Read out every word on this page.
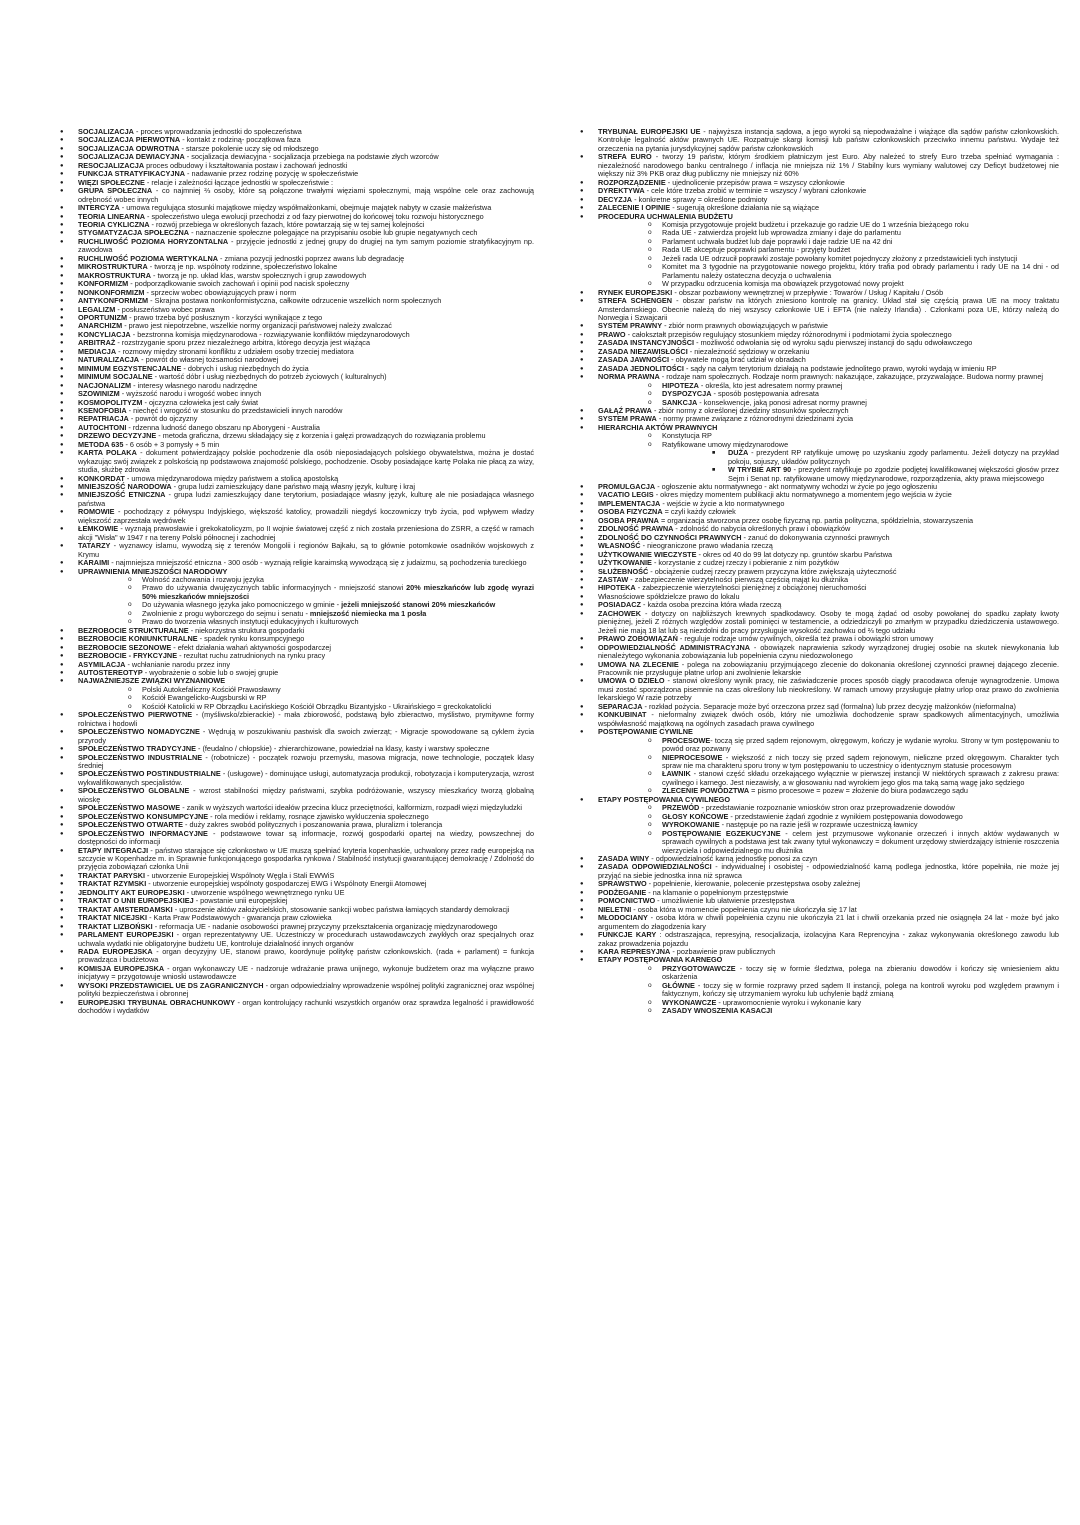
● SOCJALIZACJA - proces wprowadzania jednostki do społeczeństwa
● SOCJALIZACJA PIERWOTNA - kontakt z rodziną- początkowa faza
● SOCJALIZACJA ODWROTNA - starsze pokolenie uczy się od młodszego
● SOCJALIZACJA DEWIACYJNA - socjalizacja dewiacyjna - socjalizacja przebiega na podstawie złych wzorców
● RESOCJALIZACJA proces odbudowy i kształtowania postaw i zachowań jednostki
● FUNKCJA STRATYFIKACYJNA - nadawanie przez rodzinę pozycję w społeczeństwie
● WIĘZI SPOŁECZNE - relacje i zależności łączące jednostki w społeczeństwie :
● GRUPA SPOŁECZNA - co najmniej ⅔ osoby, które są połączone trwałymi więziami społecznymi, mają wspólne cele oraz zachowują odrębność wobec innych
● INTERCYZA - umowa regulująca stosunki majątkowe między współmałżonkami, obejmuje majątek nabyty w czasie małżeństwa
● TEORIA LINEARNA - społeczeństwo ulega ewolucji przechodzi z od fazy pierwotnej do końcowej toku rozwoju historycznego
● TEORIA CYKLICZNA - rozwój przebiega w określonych fazach, które powtarzają się w tej samej kolejności
● STYGMATYZACJA SPOŁECZNA - naznaczenie społeczne polegające na przypisaniu osobie lub grupie negatywnych cech
● RUCHLIWOŚĆ POZIOMA HORYZONTALNA - przyjęcie jednostki z jednej grupy do drugiej na tym samym poziomie stratyfikacyjnym np. zawodowa
● RUCHLIWOŚĆ POZIOMA WERTYKALNA - zmiana pozycji jednostki poprzez awans lub degradację
● MIKROSTRUKTURA - tworzą je np. wspólnoty rodzinne, społeczeństwo lokalne
● MAKROSTRUKTURA - tworzą je np. układ klas, warstw społecznych i grup zawodowych
● KONFORMIZM - podporządkowanie swoich zachowań i opinii pod nacisk społeczny
● NONKONFORMIZM - sprzeciw wobec obowiązujących praw i norm
● ANTYKONFORMIZM - Skrajna postawa nonkonformistyczna, całkowite odrzucenie wszelkich norm społecznych
● LEGALIZM - posłuszeństwo wobec prawa
● OPORTUNIZM - prawo trzeba być posłusznym - korzyści wynikające z tego
● ANARCHIZM - prawo jest niepotrzebne, wszelkie normy organizacji państwowej należy zwalczać
● KONCYLIACJA - bezstronna komisja międzynarodowa - rozwiązywanie konfliktów międzynarodowych
● ARBITRAŻ - rozstrzyganie sporu przez niezależnego arbitra, którego decyzja jest wiążąca
● MEDIACJA - rozmowy między stronami konfliktu z udziałem osoby trzeciej mediatora
● NATURALIZACJA - powrót do własnej tożsamości narodowej
● MINIMUM EGZYSTENCJALNE - dobrych i usług niezbędnych do życia
● MINIMUM SOCJALNE - wartość dóbr i usług niezbędnych do potrzeb życiowych ( kulturalnych)
● NACJONALIZM - interesy własnego narodu nadrzędne
● SZOWINIZM - wyższość narodu i wrogość wobec innych
● KOSMOPOLITYZM - ojczyzna człowieka jest cały świat
● KSENOFOBIA - niechęć i wrogość w stosunku do przedstawicieli innych narodów
● REPATRIACJA - powrót do ojczyzny
● AUTOCHTONI - rdzenna ludność danego obszaru np Aborygeni - Australia
● DRZEWO DECYZYJNE - metoda graficzna, drzewu składający się z korzenia i gałęzi prowadzących do rozwiązania problemu
● METODA 635 - 6 osób + 3 pomysły + 5 min
● KARTA POLAKA - dokument potwierdzający polskie pochodzenie dla osób nieposiadających polskiego obywatelstwa, można je dostać wykazując swój związek z polskością np podstawowa znajomość polskiego, pochodzenie. Osoby posiadające kartę Polaka nie płacą za wizy, studia, służbę zdrowia
● KONKORDAT - umowa międzynarodowa między państwem a stolicą apostolską
● MNIEJSZOŚĆ NARODOWA - grupa ludzi zamieszkujący dane państwo mają własny język, kulturę i kraj
● MNIEJSZOŚĆ ETNICZNA - grupa ludzi zamieszkujący dane terytorium, posiadające własny język, kulturę ale nie posiadająca własnego państwa
● ROMOWIE - pochodzący z półwyspu Indyjskiego, większość katolicy, prowadzili niegdyś koczowniczy tryb życia, pod wpływem władzy większość zaprzestała wędrówek
● ŁEMKOWIE - wyznają prawosławie i grekokatolicyzm, po II wojnie światowej część z nich została przeniesiona do ZSRR, a część w ramach akcji "Wisła" w 1947 r na tereny Polski północnej i zachodniej
● TATARZY - wyznawcy islamu, wywodzą się z terenów Mongolii i regionów Bajkału, są to głównie potomkowie osadników wojskowych z Krymu
● KARAIMI - najmniejsza mniejszość etniczna - 300 osób - wyznają religie karaimską wywodzącą się z judaizmu, są pochodzenia tureckiego
● UPRAWNIENIA MNIEJSZOŚCI NARODOWY
o Wolność zachowania i rozwoju języka
o Prawo do używania dwujęzycznych tablic informacyjnych - mniejszość stanowi 20% mieszkańców lub zgodę wyrazi 50% mieszkańców mniejszości
o Do używania własnego języka jako pomocniczego w gminie - jeżeli mniejszość stanowi 20% mieszkańców
o Zwolnienie z progu wyborczego do sejmu i senatu - mniejszość niemiecka ma 1 posła
o Prawo do tworzenia własnych instytucji edukacyjnych i kulturowych
● BEZROBOCIE STRUKTURALNE - niekorzystna struktura gospodarki
● BEZROBOCIE KONIUNKTURALNE - spadek rynku konsumpcyjnego
● BEZROBOCIE SEZONOWE - efekt działania wahań aktywności gospodarczej
● BEZROBOCIE - FRYKCYJNE - rezultat ruchu zatrudnionych na rynku pracy
● ASYMILACJA - wchłanianie narodu przez inny
● AUTOSTEREOTYP - wyobrażenie o sobie lub o swojej grupie
● NAJWAŻNIEJSZE ZWIĄZKI WYZNANIOWE
o Polski Autokefaliczny Kościół Prawosławny
o Kościół Ewangelicko-Augsburski w RP
o Kościół Katolicki w RP Obrządku Łacińskiego Kościół Obrządku Bizantyjsko - Ukraińskiego = greckokatolicki
● SPOŁECZEŃSTWO PIERWOTNE - (myśliwsko/zbierackie) - mała zbiorowość, podstawą było zbieractwo, myślistwo, prymitywne formy rolnictwa i hodowli
● SPOŁECZEŃSTWO NOMADYCZNE - Wędrują w poszukiwaniu pastwisk dla swoich zwierząt; - Migracje spowodowane są cyklem życia przyrody
● SPOŁECZEŃSTWO TRADYCYJNE - (feudalno / chłopskie) - zhierarchizowane, powiedział na klasy, kasty i warstwy społeczne
● SPOŁECZEŃSTWO INDUSTRIALNE - (robotnicze) - początek rozwoju przemysłu, masowa migracja, nowe technologie, początek klasy średniej
● SPOŁECZEŃSTWO POSTINDUSTRIALNE - (usługowe) - dominujące usługi, automatyzacja produkcji, robotyzacja i komputeryzacja, wzrost wykwalifikowanych specjalistów.
● SPOŁECZEŃSTWO GLOBALNE - wzrost stabilności między państwami, szybka podróżowanie, wszyscy mieszkańcy tworzą globalną wioskę
● SPOŁECZEŃSTWO MASOWE - zanik w wyższych wartości ideałów przecina klucz przeciętności, kalformizm, rozpadł więzi międzyludzki
● SPOŁECZEŃSTWO KONSUMPCYJNE - rola mediów i reklamy, rosnące zjawisko wykluczenia społecznego
● SPOŁECZEŃSTWO OTWARTE - duży zakres swobód politycznych i poszanowania prawa, pluralizm i tolerancja
● SPOŁECZEŃSTWO INFORMACYJNE - podstawowe towar są informacje, rozwój gospodarki opartej na wiedzy, powszechnej do dostępności do informacji
● ETAPY INTEGRACJI - państwo starające się członkostwo w UE muszą spełniać kryteria kopenhaskie, uchwalony przez radę europejską na szczycie w Kopenhadze m. in Sprawnie funkcjonującego gospodarka rynkowa / Stabilność instytucji gwarantującej demokrację / Zdolność do przyjęcia zobowiązań członka Unii
● TRAKTAT PARYSKI - utworzenie Europejskiej Wspólnoty Węgla i Stali EWWiS
● TRAKTAT RZYMSKI - utworzenie europejskiej wspólnoty gospodarczej EWG i Wspólnoty Energii Atomowej
● JEDNOLITY AKT EUROPEJSKI - utworzenie wspólnego wewnętrznego rynku UE
● TRAKTAT O UNII EUROPEJSKIEJ - powstanie unii europejskiej
● TRAKTAT AMSTERDAMSKI - uproszenie aktów założycielskich, stosowanie sankcji wobec państwa łamiących standardy demokracji
● TRAKTAT NICEJSKI - Karta Praw Podstawowych - gwarancja praw człowieka
● TRAKTAT LIZBOŃSKI - reformacja UE - nadanie osobowości prawnej przyczyny przekształcenia organizację międzynarodowego
● PARLAMENT EUROPEJSKI - organ reprezentatywny UE. Uczestniczy w procedurach ustawodawczych zwykłych oraz specjalnych oraz uchwala wydatki nie obligatoryjne budżetu UE, kontroluje działalność innych organów
● RADA EUROPEJSKA - organ decyzyjny UE, stanowi prawo, koordynuje politykę państw członkowskich. (rada + parlament) = funkcja prowadząca i budżetowa
● KOMISJA EUROPEJSKA - organ wykonawczy UE - nadzoruje wdrażanie prawa unijnego, wykonuje budżetem oraz ma wyłączne prawo inicjatywy = przygotowuje wnioski ustawodawcze
● WYSOKI PRZEDSTAWICIEL UE DS ZAGRANICZNYCH - organ odpowiedzialny wprowadzenie wspólnej polityki zagranicznej oraz wspólnej polityki bezpieczeństwa i obronnej
● EUROPEJSKI TRYBUNAŁ OBRACHUNKOWY - organ kontrolujący rachunki wszystkich organów oraz sprawdza legalność i prawidłowość dochodów i wydatków
● TRYBUNAŁ EUROPEJSKI UE - najwyższa instancja sądowa, a jego wyroki są niepodważalne i wiążące dla sądów państw członkowskich. Kontroluje legalność aktów prawnych UE. Rozpatruje skargi komisji lub państw członkowskich przeciwko innemu państwu. Wydaje też orzeczenia na pytania jurysdykcyjnej sądów państw członkowskich
● STREFA EURO - tworzy 19 państw, którym środkiem płatniczym jest Euro. Aby należeć to strefy Euro trzeba spełniać wymagania : niezależność narodowego banku centralnego / inflacja nie mniejsza niż 1% / Stabilny kurs wymiany walutowej czy Deficyt budżetowej nie większy niż 3% PKB oraz dług publiczny nie mniejszy niż 60%
● ROZPORZĄDZENIE - ujednolicenie przepisów prawa = wszyscy członkowie
● DYREKTYWA - cele które trzeba zrobić w terminie = wszyscy / wybrani członkowie
● DECYZJA - konkretne sprawy = określone podmioty
● ZALECENIE I OPINIE - sugerują określone działania nie są wiążące
● PROCEDURA UCHWALENIA BUDŻETU
o Komisja przygotowuje projekt budżetu i przekazuje go radzie UE do 1 września bieżącego roku
o Rada UE - zatwierdza projekt lub wprowadza zmiany i daje do parlamentu
o Parlament uchwała budżet lub daje poprawki i daje radzie UE na 42 dni
o Rada UE akceptuje poprawki parlamentu - przyjęty budżet
o Jeżeli rada UE odrzucił poprawki zostaje powołany komitet pojednyczy złożony z przedstawicieli tych instytucji
o Komitet ma 3 tygodnie na przygotowanie nowego projektu, który trafia pod obrady parlamentu i rady UE na 14 dni - od Parlamentu należy ostateczna decyzja o uchwalenia
o W przypadku odrzucenia komisja ma obowiązek przygotować nowy projekt
● RYNEK EUROPEJSKI - obszar pozbawiony wewnętrznej w przepływie : Towarów / Usług / Kapitału / Osób
● STREFA SCHENGEN - obszar państw na których zniesiono kontrolę na granicy. Układ stał się częścią prawa UE na mocy traktatu Amsterdamskiego. Obecnie należą do niej wszyscy członkowie UE i EFTA (nie należy Irlandia) . Członkami poza UE, którzy należą do Norwegia i Szwajcarii
● SYSTEM PRAWNY - zbiór norm prawnych obowiązujących w państwie
● PRAWO - całokształt przepisów regulujący stosunkiem między różnorodnymi i podmiotami życia społecznego
● ZASADA INSTANCYJNOŚCI - możliwość odwołania się od wyroku sądu pierwszej instancji do sądu odwoławczego
● ZASADA NIEZAWISŁOŚCI - niezależność sędziowy w orzekaniu
● ZASADA JAWNOŚCI - obywatele mogą brać udział w obradach
● ZASADA JEDNOLITOŚCI - sądy na całym terytorium działają na podstawie jednolitego prawo, wyroki wydają w imieniu RP
● NORMA PRAWNA - rodzaje nam społecznych. Rodzaje norm prawnych: nakazujące, zakazujące, przyzwalające. Budowa normy prawnej
o HIPOTEZA - określa, kto jest adresatem normy prawnej
o DYSPOZYCJA - sposób postępowania adresata
o SANKCJA - konsekwencje, jaką ponosi adresat normy prawnej
● GAŁĄŹ PRAWA - zbiór normy z określonej dziedziny stosunków społecznych
● SYSTEM PRAWA - normy prawne związane z różnorodnymi dziedzinami życia
● HIERARCHIA AKTÓW PRAWNYCH
o Konstytucja RP
o Ratyfikowane umowy międzynarodowe
■ DUŻA - prezydent RP ratyfikuje umowę po uzyskaniu zgody parlamentu. Jeżeli dotyczy na przykład pokoju, sojuszy, układów politycznych
■ W TRYBIE ART 90 - prezydent ratyfikuje po zgodzie podjętej kwalifikowanej większości głosów przez Sejm i Senat np. ratyfikowane umowy międzynarodowe, rozporządzenia, akty prawa miejscowego
● PROMULGACJA - ogłoszenie aktu normatywnego - akt normatywny wchodzi w życie po jego ogłoszeniu
● VACATIO LEGIS - okres między momentem publikacji aktu normatywnego a momentem jego wejścia w życie
● IMPLEMENTACJA - wejście w życie a kto normatywnego
● OSOBA FIZYCZNA = czyli każdy człowiek
● OSOBA PRAWNA = organizacja stworzona przez osobę fizyczną np. partia polityczna, spółdzielnia, stowarzyszenia
● ZDOLNOŚĆ PRAWNA - zdolność do nabycia określonych praw i obowiązków
● ZDOLNOŚĆ DO CZYNNOŚCI PRAWNYCH - zanuć do dokonywania czynności prawnych
● WŁASNOŚĆ - nieograniczone prawo władania rzeczą
● UŻYTKOWANIE WIECZYSTE - okres od 40 do 99 lat dotyczy np. gruntów skarbu Państwa
● UŻYTKOWANIE - korzystanie z cudzej rzeczy i pobieranie z nim pożytków
● SŁUŻEBNOŚĆ - obciążenie cudzej rzeczy prawem przyczyna które zwiększają użyteczność
● ZASTAW - zabezpieczenie wierzytelności pierwszą częścią mająt ku dłużnika
● HIPOTEKA - zabezpieczenie wierzytelności pieniężnej z obciążonej nieruchomości
● Własnościowe spółdzielcze prawo do lokalu
● POSIADACZ - każda osoba prezcina która włada rzeczą
● ZACHOWEK - dotyczy on najbliższych krewnych spadkodawcy. Osoby te mogą żądać od osoby powołanej do spadku zapłaty kwoty pieniężnej, jeżeli Z różnych względów zostali pominięci w testamencie, a odziedziczyli po zmarłym w przypadku dziedziczenia ustawowego. Jeżeli nie mają 18 lat lub są niezdolni do pracy przysługuje wysokość zachowku od ⅔ tego udziału
● PRAWO ZOBOWIĄZAŃ - reguluje rodzaje umów cywilnych, określa też prawa i obowiązki stron umowy
● ODPOWIEDZIALNOŚĆ ADMINISTRACYJNA - obowiązek naprawienia szkody wyrządzonej drugiej osobie na skutek niewykonania lub nienależytego wykonania zobowiązania lub popełnienia czynu niedozwolonego
● UMOWA NA ZLECENIE - polega na zobowiązaniu przyjmującego zlecenie do dokonania określonej czynności prawnej dającego zlecenie. Pracownik nie przysługuje płatne urlop ani zwolnienie lekarskie
● UMOWA O DZIEŁO - stanowi określony wynik pracy, nie zaświadczenie proces sposób ciągły pracodawca oferuje wynagrodzenie. Umowa musi zostać sporządzona pisemnie na czas określony lub nieokreślony. W ramach umowy przysługuje płatny urlop oraz prawo do zwolnienia lekarskiego W razie potrzeby
● SEPARACJA - rozkład pożycia. Separacje może być orzeczona przez sąd (formalna) lub przez decyzję małżonków (nieformalna)
● KONKUBINAT - nieformalny związek dwóch osób, który nie umożliwia dochodzenie spraw spadkowych alimentacyjnych, umożliwia współwłasność majątkową na ogólnych zasadach prawa cywilnego
● POSTĘPOWANIE CYWILNE
o PROCESOWE- toczą się przed sądem rejonowym, okręgowym, kończy je wydanie wyroku. Strony w tym postępowaniu to powód oraz pozwany
o NIEPROCESOWE - większość z nich toczy się przed sądem rejonowym, nieliczne przed okręgowym. Charakter tych spraw nie ma charakteru sporu trony w tym postępowaniu to uczestnicy o identycznym statusie procesowym
o ŁAWNIK - stanowi część składu orzekającego wyłącznie w pierwszej instancji W niektórych sprawach z zakresu prawa: cywilnego i karnego. Jest niezawisły, a w głosowaniu nad wyrokiem jego głos ma taką samą wagę jako sędziego
o ZLECENIE POWÓDZTWA = pismo procesowe = pozew = złożenie do biura podawczego sądu
● ETAPY POSTĘPOWANIA CYWILNEGO
o PRZEWÓD - przedstawianie rozpoznanie wniosków stron oraz przeprowadzenie dowodów
o GŁOSY KOŃCOWE - przedstawienie żądań zgodnie z wynikiem postępowania dowodowego
o WYROKOWANIE - następuje po na razie jeśli w rozprawie uczestniczą ławnicy
o POSTĘPOWANIE EGZEKUCYJNE - celem jest przymusowe wykonanie orzeczeń i innych aktów wydawanych w sprawach cywilnych a podstawa jest tak zwany tytuł wykonawczy = dokument urzędowy stwierdzający istnienie roszczenia wierzyciela i odpowiedzialnego mu dłużnika
● ZASADA WINY - odpowiedzialność karną jednostkę ponosi za czyn
● ZASADA ODPOWIEDZIALNOŚCI - indywidualnej i osobistej - odpowiedzialność karną podlega jednostka, które popełniła, nie może jej przyjąć na siebie jednostka inna niż sprawca
● SPRAWSTWO - popełnienie, kierowanie, polecenie przestępstwa osoby zależnej
● PODŻEGANIE - na klamanie o popełnionym przestępstwie
● POMOCNICTWO - umożliwienie lub ułatwienie przestępstwa
● NIELETNI - osoba która w momencie popełnienia czynu nie ukończyła się 17 lat
● MŁODOCIANY - osoba która w chwili popełnienia czynu nie ukończyła 21 lat i chwili orzekania przed nie osiągnęła 24 lat - może być jako argumentem do złagodzenia kary
● FUNKCJE KARY : odstraszająca, represyjną, resocjalizacja, izolacyjna Kara Reprencyjna - zakaz wykonywania określonego zawodu lub zakaz prowadzenia pojazdu
● KARA REPRESYJNA - pozbawienie praw publicznych
● ETAPY POSTĘPOWANIA KARNEGO
o PRZYGOTOWAWCZE - toczy się w formie śledztwa, polega na zbieraniu dowodów i kończy się wniesieniem aktu oskarżenia
o GŁÓWNE - toczy się w formie rozprawy przed sądem II instancji, polega na kontroli wyroku pod względem prawnym i faktycznym, kończy się utrzymaniem wyroku lub uchylenie bądź zmianą
o WYKONAWCZE - uprawomocnienie wyroku i wykonanie kary
o ZASADY WNOSZENIA KASACJI
